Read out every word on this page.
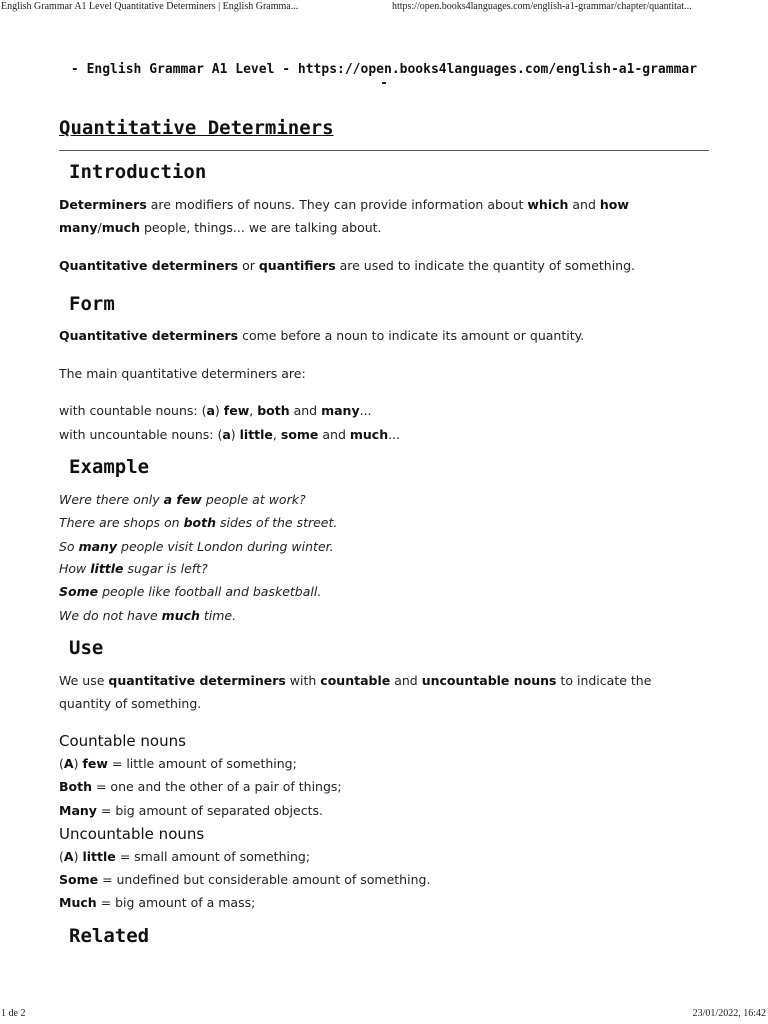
English Grammar A1 Level Quantitative Determiners | English Gramma...	https://open.books4languages.com/english-a1-grammar/chapter/quantitat...
- English Grammar A1 Level - https://open.books4languages.com/english-a1-grammar
-
Quantitative Determiners
Introduction

Determiners are modifiers of nouns. They can provide information about which and how

many/much people, things... we are talking about.

Quantitative determiners or quantifiers are used to indicate the quantity of something.

Form

Quantitative determiners come before a noun to indicate its amount or quantity.

The main quantitative determiners are:

with countable nouns: (a) few, both and many...

with uncountable nouns: (a) little, some and much...

Example

Were there only a few people at work?

There are shops on both sides of the street.

So many people visit London during winter.

How little sugar is left?

Some people like football and basketball.

We do not have much time.

Use

We use quantitative determiners with countable and uncountable nouns to indicate the

quantity of something.

Countable nouns

(A) few = little amount of something;

Both = one and the other of a pair of things;

Many = big amount of separated objects.

Uncountable nouns

(A) little = small amount of something;

Some = undefined but considerable amount of something.

Much = big amount of a mass;

Related
1 de 2	23/01/2022, 16:42
